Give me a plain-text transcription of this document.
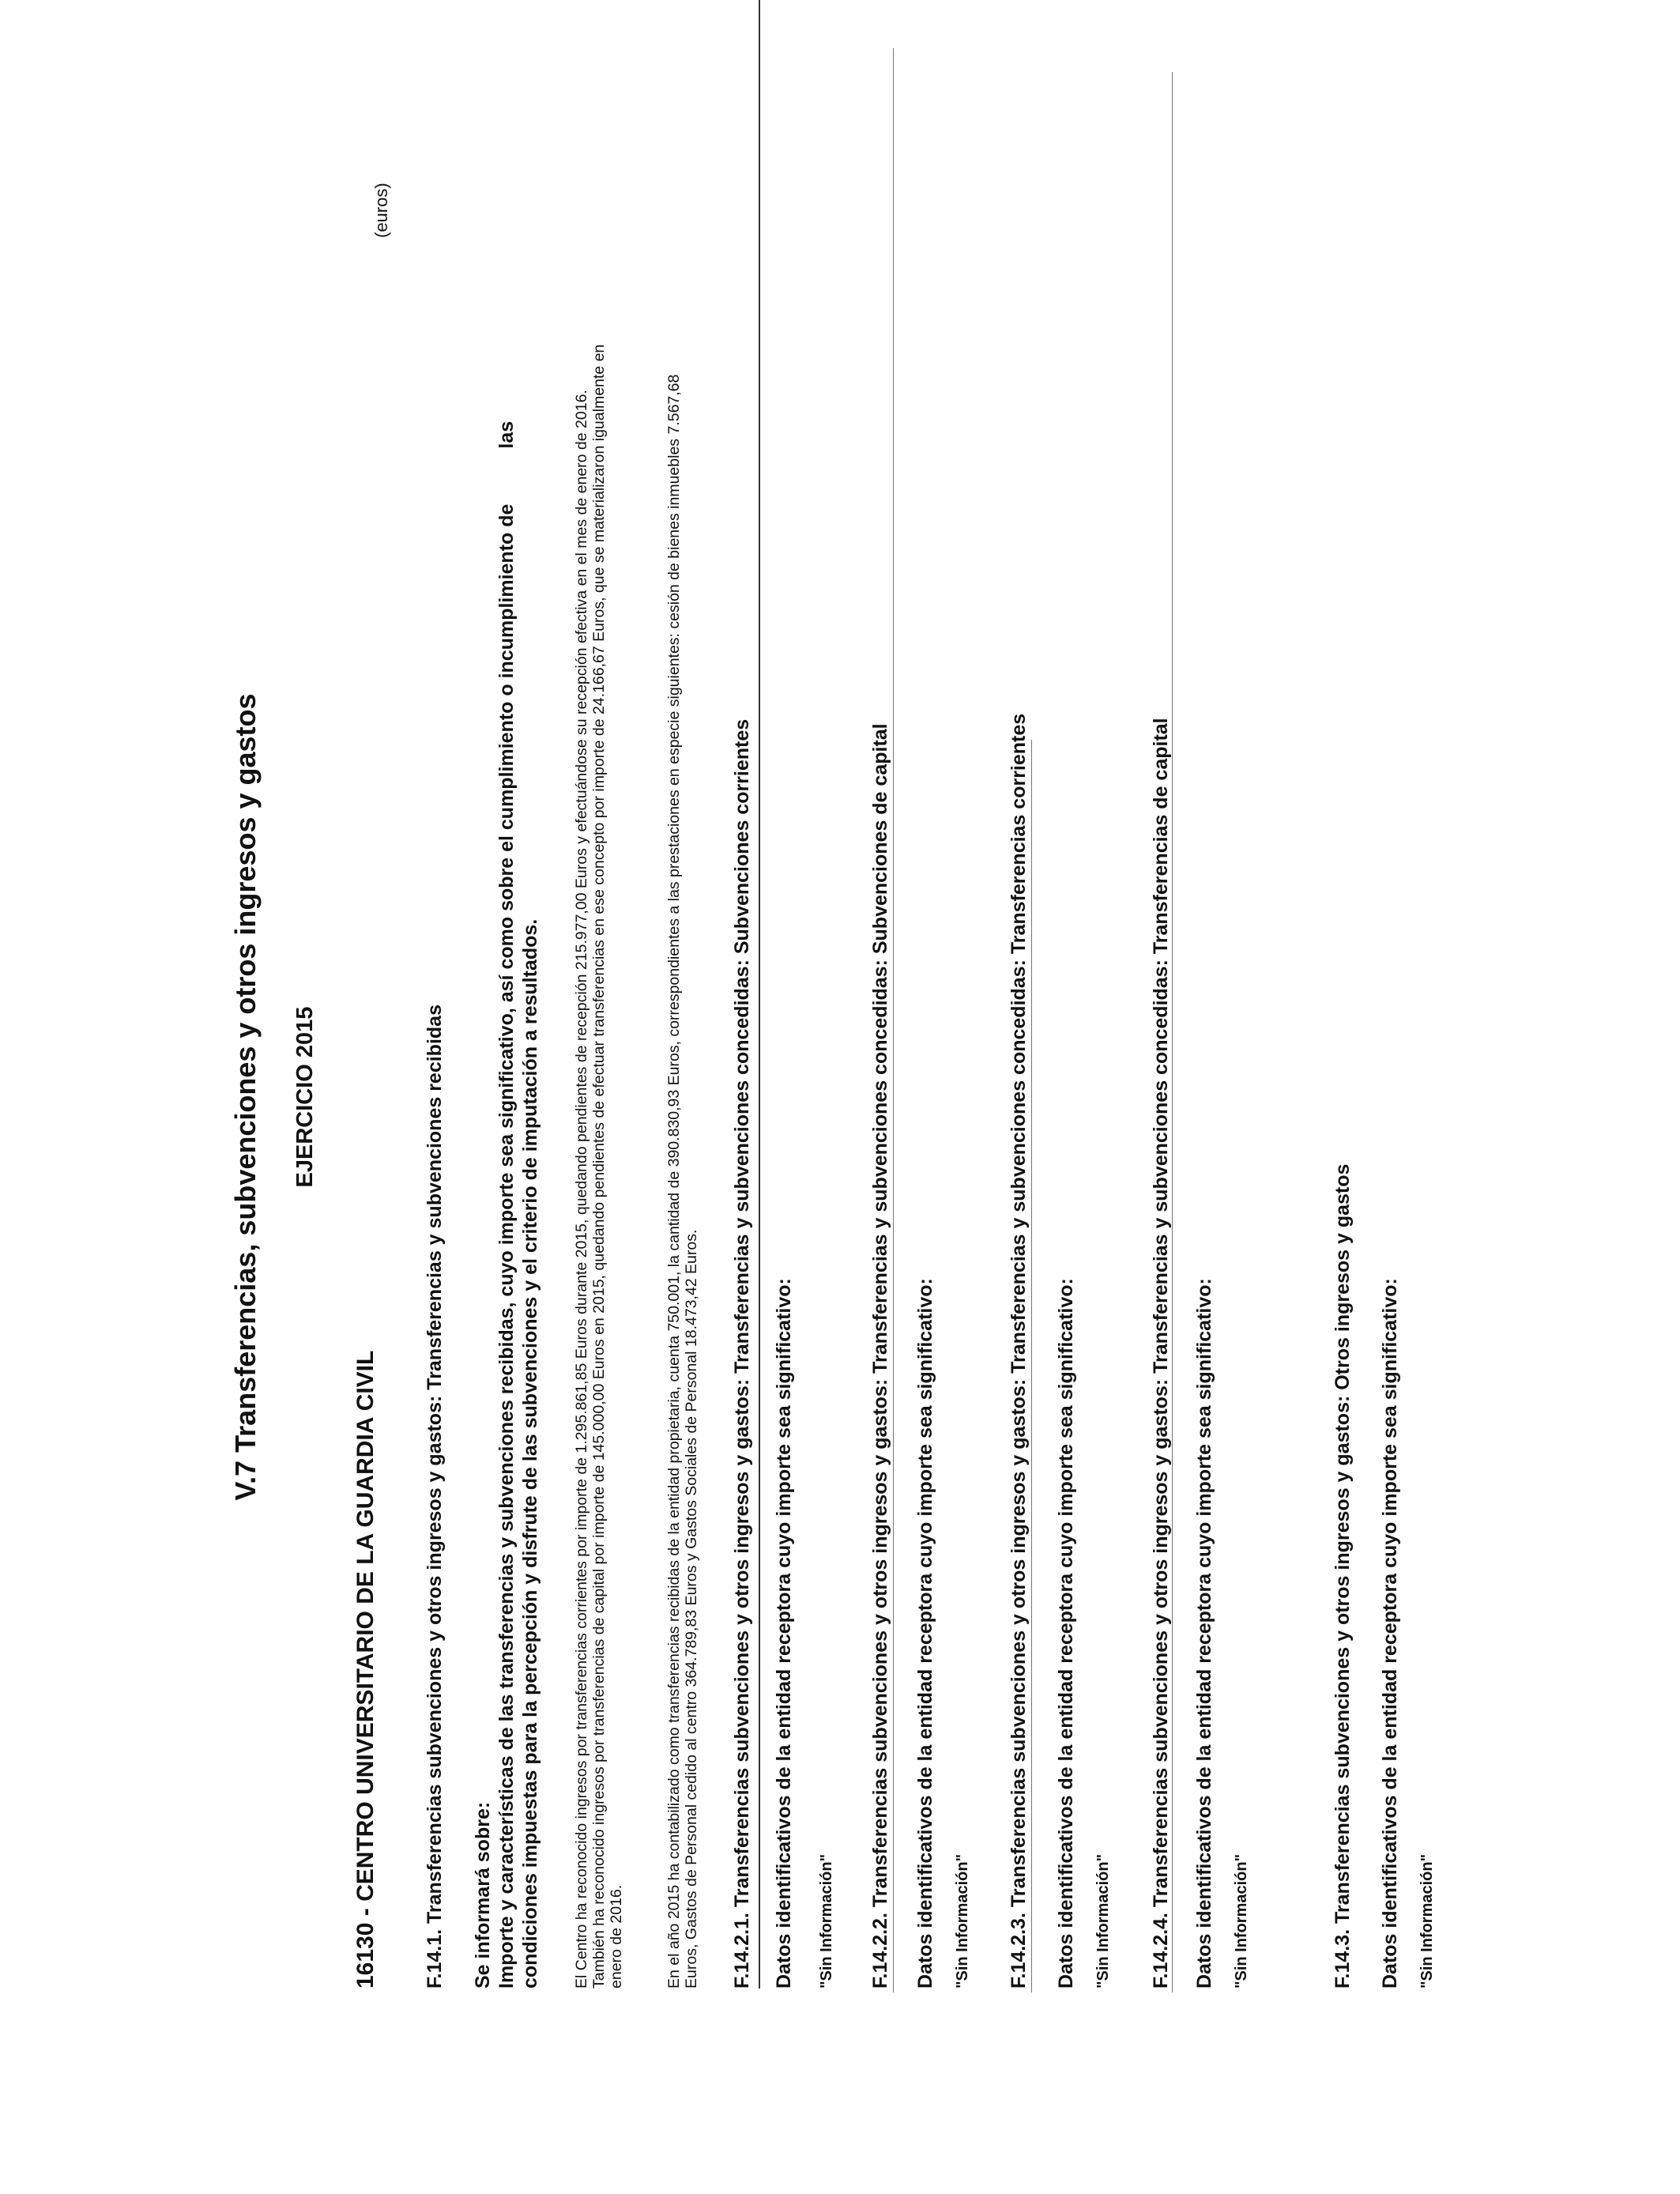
V.7 Transferencias, subvenciones y otros ingresos y gastos EJERCICIO 2015
(euros)
16130 - CENTRO UNIVERSITARIO DE LA GUARDIA CIVIL F.14.1. Transferencias subvenciones y otros ingresos y gastos: Transferencias y subvenciones recibidas Se informará sobre: Importe y características de las transferencias y subvenciones recibidas, cuyo importe sea significativo, así como sobre el cumplimiento o incumplimiento delas
condiciones impuestas para la percepción y disfrute de las subvenciones y el criterio de imputación a resultados. El Centro ha reconocido ingresos por transferencias corrientes por importe de 1.295.861,85 Euros durante 2015, quedando pendientes de recepción 215.977,00 Euros y efectuándose su recepción efectiva en el mes de enero de 2016. También ha reconocido ingresos por transferencias de capital por importe de 145.000,00 Euros en 2015, quedando pendientes de efectuar transferencias en ese concepto por importe de 24.166,67 Euros, que se materializaron igualmente en enero de 2016.	En el año 2015 ha contabilizado como transferencias recibidas de la entidad propietaria, cuenta 750.001, la cantidad de 390.830,93 Euros, correspondientes a las prestaciones en especie siguientes: cesión de bienes inmuebles 7.567,68 Euros, Gastos de Personal cedido al centro 364.789,83 Euros y Gastos Sociales de Personal 18.473,42 Euros. F.14.2.1. Transferencias subvenciones y otros ingresos y gastos: Transferencias y subvenciones concedidas: Subvenciones corrientes Datos identificativos de la entidad receptora cuyo importe sea significativo: "Sin Información" F.14.2.2. Transferencias subvenciones y otros ingresos y gastos: Transferencias y subvenciones concedidas: Subvenciones de capital Datos identificativos de la entidad receptora cuyo importe sea significativo: "Sin Información" F.14.2.3. Transferencias subvenciones y otros ingresos y gastos: Transferencias y subvenciones concedidas: Transferencias corrientes Datos identificativos de la entidad receptora cuyo importe sea significativo: "Sin Información" F.14.2.4. Transferencias subvenciones y otros ingresos y gastos: Transferencias y subvenciones concedidas: Transferencias de capital Datos identificativos de la entidad receptora cuyo importe sea significativo: "Sin Información"	F.14.3. Transferencias subvenciones y otros ingresos y gastos: Otros ingresos y gastos Datos identificativos de la entidad receptora cuyo importe sea significativo: "Sin Información"
